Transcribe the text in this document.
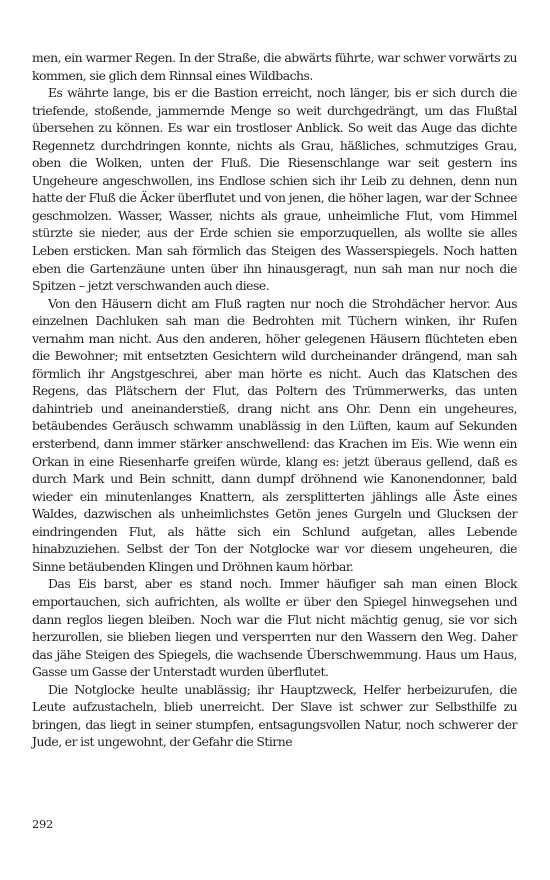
men, ein warmer Regen. In der Straße, die abwärts führte, war schwer vorwärts zu kommen, sie glich dem Rinnsal eines Wildbachs.

Es währte lange, bis er die Bastion erreicht, noch länger, bis er sich durch die triefende, stoßende, jammernde Menge so weit durchgedrängt, um das Flußtal übersehen zu können. Es war ein trostloser Anblick. So weit das Auge das dichte Regennetz durchdringen konnte, nichts als Grau, häßliches, schmutziges Grau, oben die Wolken, unten der Fluß. Die Riesenschlange war seit gestern ins Ungeheure angeschwollen, ins Endlose schien sich ihr Leib zu dehnen, denn nun hatte der Fluß die Äcker überflutet und von jenen, die höher lagen, war der Schnee geschmolzen. Wasser, Wasser, nichts als graue, unheimliche Flut, vom Himmel stürzte sie nieder, aus der Erde schien sie emporzuquellen, als wollte sie alles Leben ersticken. Man sah förmlich das Steigen des Wasserspiegels. Noch hatten eben die Gartenzäune unten über ihn hinausgeragt, nun sah man nur noch die Spitzen – jetzt verschwanden auch diese.

Von den Häusern dicht am Fluß ragten nur noch die Strohdächer hervor. Aus einzelnen Dachluken sah man die Bedrohten mit Tüchern winken, ihr Rufen vernahm man nicht. Aus den anderen, höher gelegenen Häusern flüchteten eben die Bewohner; mit entsetzten Gesichtern wild durcheinander drängend, man sah förmlich ihr Angstgeschrei, aber man hörte es nicht. Auch das Klatschen des Regens, das Plätschern der Flut, das Poltern des Trümmerwerks, das unten dahintrieb und aneinanderstieß, drang nicht ans Ohr. Denn ein ungeheures, betäubendes Geräusch schwamm unablässig in den Lüften, kaum auf Sekunden ersterbend, dann immer stärker anschwellend: das Krachen im Eis. Wie wenn ein Orkan in eine Riesenharfe greifen würde, klang es: jetzt überaus gellend, daß es durch Mark und Bein schnitt, dann dumpf dröhnend wie Kanonendonner, bald wieder ein minutenlanges Knattern, als zersplitterten jählings alle Äste eines Waldes, dazwischen als unheimlichstes Getön jenes Gurgeln und Glucksen der eindringenden Flut, als hätte sich ein Schlund aufgetan, alles Lebende hinabzuziehen. Selbst der Ton der Notglocke war vor diesem ungeheuren, die Sinne betäubenden Klingen und Dröhnen kaum hörbar.

Das Eis barst, aber es stand noch. Immer häufiger sah man einen Block emportauchen, sich aufrichten, als wollte er über den Spiegel hinwegsehen und dann reglos liegen bleiben. Noch war die Flut nicht mächtig genug, sie vor sich herzurollen, sie blieben liegen und versperrten nur den Wassern den Weg. Daher das jähe Steigen des Spiegels, die wachsende Überschwemmung. Haus um Haus, Gasse um Gasse der Unterstadt wurden überflutet.

Die Notglocke heulte unablässig; ihr Hauptzweck, Helfer herbeizurufen, die Leute aufzustacheln, blieb unerreicht. Der Slave ist schwer zur Selbsthilfe zu bringen, das liegt in seiner stumpfen, entsagungsvollen Natur, noch schwerer der Jude, er ist ungewohnt, der Gefahr die Stirne

292
